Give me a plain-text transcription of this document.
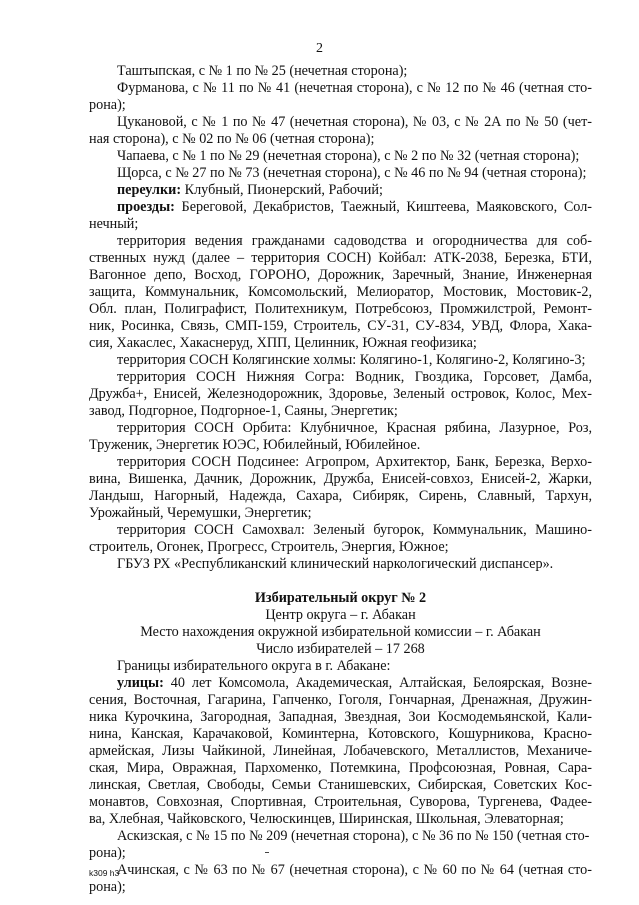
2
Таштыпская, с № 1 по № 25 (нечетная сторона);
Фурманова, с № 11 по № 41 (нечетная сторона), с № 12 по № 46 (четная сто-
рона);
Цукановой, с № 1 по № 47 (нечетная сторона), № 03, с № 2А по № 50 (чет-
ная сторона), с № 02 по № 06 (четная сторона);
Чапаева, с № 1 по № 29 (нечетная сторона), с № 2 по № 32 (четная сторона);
Щорса, с № 27 по № 73 (нечетная сторона), с № 46 по № 94 (четная сторона);
переулки: Клубный, Пионерский, Рабочий;
проезды: Береговой, Декабристов, Таежный, Киштеева, Маяковского, Сол-
нечный;
территория ведения гражданами садоводства и огородничества для соб-
ственных нужд (далее – территория СОСН) Койбал: АТК-2038, Березка, БТИ,
Вагонное депо, Восход, ГОРОНО, Дорожник, Заречный, Знание, Инженерная
защита, Коммунальник, Комсомольский, Мелиоратор, Мостовик, Мостовик-2,
Обл. план, Полиграфист, Политехникум, Потребсоюз, Промжилстрой, Ремонт-
ник, Росинка, Связь, СМП-159, Строитель, СУ-31, СУ-834, УВД, Флора, Хака-
сия, Хакаслес, Хакаснеруд, ХПП, Целинник, Южная геофизика;
территория СОСН Колягинские холмы: Колягино-1, Колягино-2, Колягино-3;
территория СОСН Нижняя Согра: Водник, Гвоздика, Горсовет, Дамба,
Дружба+, Енисей, Железнодорожник, Здоровье, Зеленый островок, Колос, Мех-
завод, Подгорное, Подгорное-1, Саяны, Энергетик;
территория СОСН Орбита: Клубничное, Красная рябина, Лазурное, Роз,
Труженик, Энергетик ЮЭС, Юбилейный, Юбилейное.
территория СОСН Подсинее: Агропром, Архитектор, Банк, Березка, Верхо-
вина, Вишенка, Дачник, Дорожник, Дружба, Енисей-совхоз, Енисей-2, Жарки,
Ландыш, Нагорный, Надежда, Сахара, Сибиряк, Сирень, Славный, Тархун,
Урожайный, Черемушки, Энергетик;
территория СОСН Самохвал: Зеленый бугорок, Коммунальник, Машино-
строитель, Огонек, Прогресс, Строитель, Энергия, Южное;
ГБУЗ РХ «Республиканский клинический наркологический диспансер».
Избирательный округ № 2
Центр округа – г. Абакан
Место нахождения окружной избирательной комиссии – г. Абакан
Число избирателей – 17 268
Границы избирательного округа в г. Абакане:
улицы: 40 лет Комсомола, Академическая, Алтайская, Белоярская, Возне-
сения, Восточная, Гагарина, Гапченко, Гоголя, Гончарная, Дренажная, Дружин-
ника Курочкина, Загородная, Западная, Звездная, Зои Космодемьянской, Кали-
нина, Канская, Карачаковой, Коминтерна, Котовского, Кошурникова, Красно-
армейская, Лизы Чайкиной, Линейная, Лобачевского, Металлистов, Механиче-
ская, Мира, Овражная, Пархоменко, Потемкина, Профсоюзная, Ровная, Сара-
линская, Светлая, Свободы, Семьи Станишевских, Сибирская, Советских Кос-
монавтов, Совхозная, Спортивная, Строительная, Суворова, Тургенева, Фадее-
ва, Хлебная, Чайковского, Челюскинцев, Ширинская, Школьная, Элеваторная;
Аскизская, с № 15 по № 209 (нечетная сторона), с № 36 по № 150 (четная сто-
рона);
Ачинская, с № 63 по № 67 (нечетная сторона), с № 60 по № 64 (четная сто-
рона);
k309 h3
